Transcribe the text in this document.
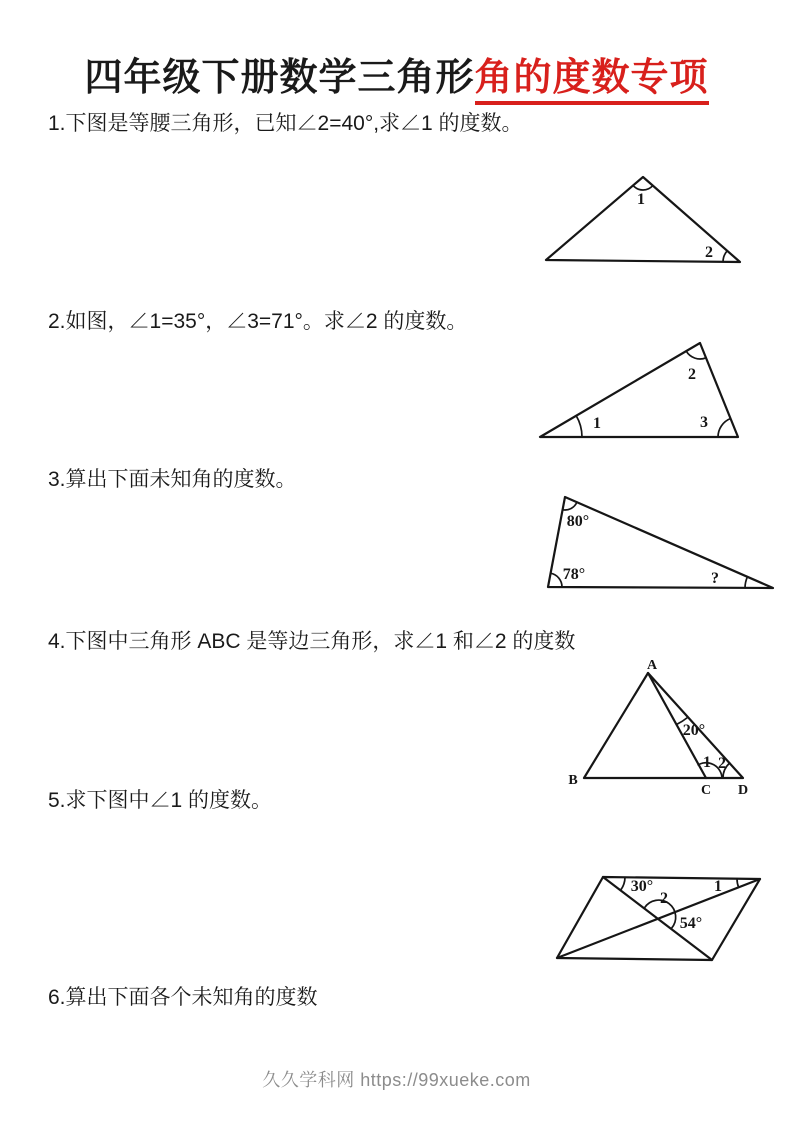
四年级下册数学三角形角的度数专项
1.下图是等腰三角形，已知∠2=40°,求∠1 的度数。
1
2
2.如图，∠1=35°，∠3=71°。求∠2 的度数。
2
1	3
3.算出下面未知角的度数。
80°
78°	?
4.下图中三角形 ABC 是等边三角形，求∠1 和∠2 的度数
A
B
C D
20°
1 2
5.求下图中∠1 的度数。
30°	1
2
54°
6.算出下面各个未知角的度数
久久学科网 https://99xueke.com
